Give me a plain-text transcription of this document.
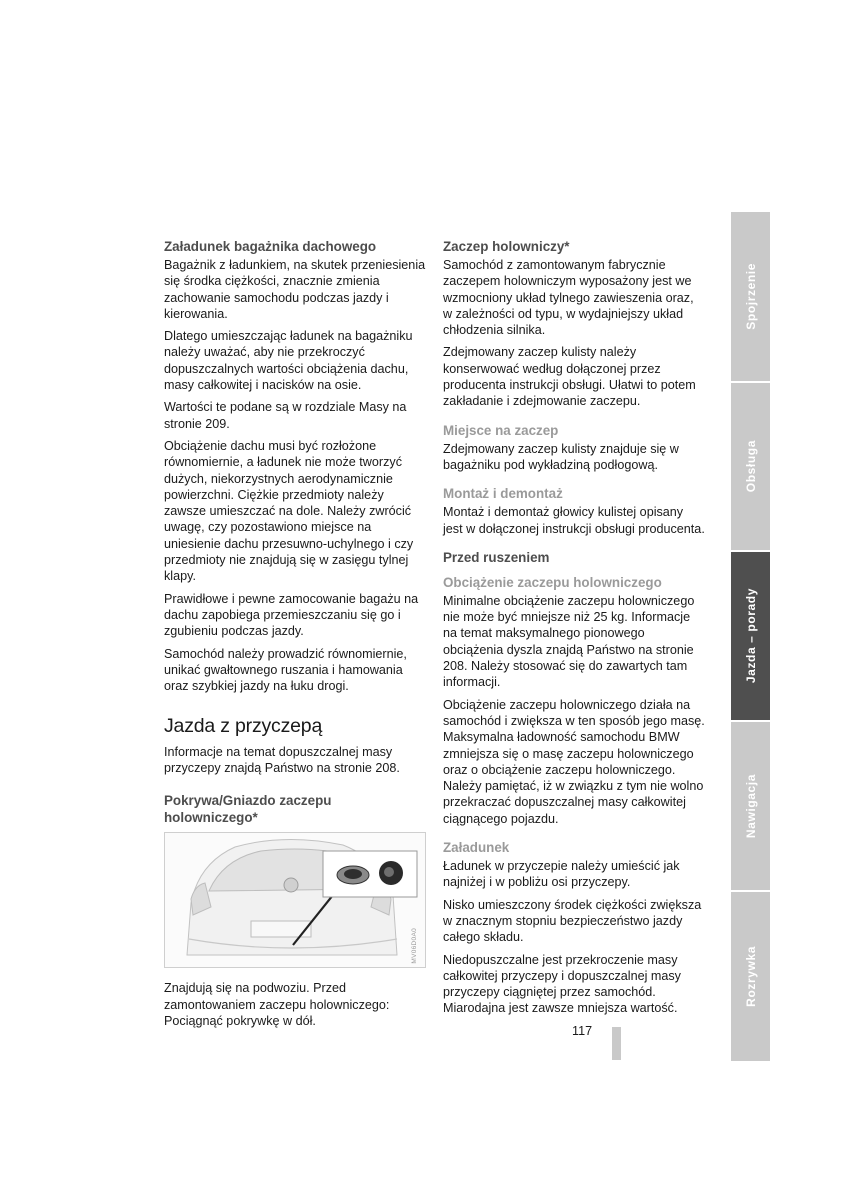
Załadunek bagażnika dachowego

Bagażnik z ładunkiem, na skutek przeniesienia się środka ciężkości, znacznie zmienia zachowanie samochodu podczas jazdy i kierowania.

Dlatego umieszczając ładunek na bagażniku należy uważać, aby nie przekroczyć dopuszczalnych wartości obciążenia dachu, masy całkowitej i nacisków na osie.

Wartości te podane są w rozdziale Masy na stronie 209.

Obciążenie dachu musi być rozłożone równomiernie, a ładunek nie może tworzyć dużych, niekorzystnych aerodynamicznie powierzchni. Ciężkie przedmioty należy zawsze umieszczać na dole. Należy zwrócić uwagę, czy pozostawiono miejsce na uniesienie dachu przesuwno-uchylnego i czy przedmioty nie znajdują się w zasięgu tylnej klapy.

Prawidłowe i pewne zamocowanie bagażu na dachu zapobiega przemieszczaniu się go i zgubieniu podczas jazdy.

Samochód należy prowadzić równomiernie, unikać gwałtownego ruszania i hamowania oraz szybkiej jazdy na łuku drogi.

Jazda z przyczepą

Informacje na temat dopuszczalnej masy przyczepy znajdą Państwo na stronie 208.

Pokrywa/Gniazdo zaczepu holowniczego*
MV06D0A0

Znajdują się na podwoziu. Przed zamontowaniem zaczepu holowniczego: Pociągnąć pokrywkę w dół.

Zaczep holowniczy*

Samochód z zamontowanym fabrycznie zaczepem holowniczym wyposażony jest we wzmocniony układ tylnego zawieszenia oraz, w zależności od typu, w wydajniejszy układ chłodzenia silnika.

Zdejmowany zaczep kulisty należy konserwować według dołączonej przez producenta instrukcji obsługi. Ułatwi to potem zakładanie i zdejmowanie zaczepu.

Miejsce na zaczep

Zdejmowany zaczep kulisty znajduje się w bagażniku pod wykładziną podłogową.

Montaż i demontaż

Montaż i demontaż głowicy kulistej opisany jest w dołączonej instrukcji obsługi producenta.

Przed ruszeniem
Obciążenie zaczepu holowniczego

Minimalne obciążenie zaczepu holowniczego nie może być mniejsze niż 25 kg. Informacje na temat maksymalnego pionowego obciążenia dyszla znajdą Państwo na stronie 208. Należy stosować się do zawartych tam informacji.

Obciążenie zaczepu holowniczego działa na samochód i zwiększa w ten sposób jego masę. Maksymalna ładowność samochodu BMW zmniejsza się o masę zaczepu holowniczego oraz o obciążenie zaczepu holowniczego. Należy pamiętać, iż w związku z tym nie wolno przekraczać dopuszczalnej masy całkowitej ciągnącego pojazdu.

Załadunek

Ładunek w przyczepie należy umieścić jak najniżej i w pobliżu osi przyczepy.

Nisko umieszczony środek ciężkości zwiększa w znacznym stopniu bezpieczeństwo jazdy całego składu.

Niedopuszczalne jest przekroczenie masy całkowitej przyczepy i dopuszczalnej masy przyczepy ciągniętej przez samochód. Miarodajna jest zawsze mniejsza wartość.

117
Spojrzenie
Obsługa
Jazda – porady
Nawigacja
Rozrywka
